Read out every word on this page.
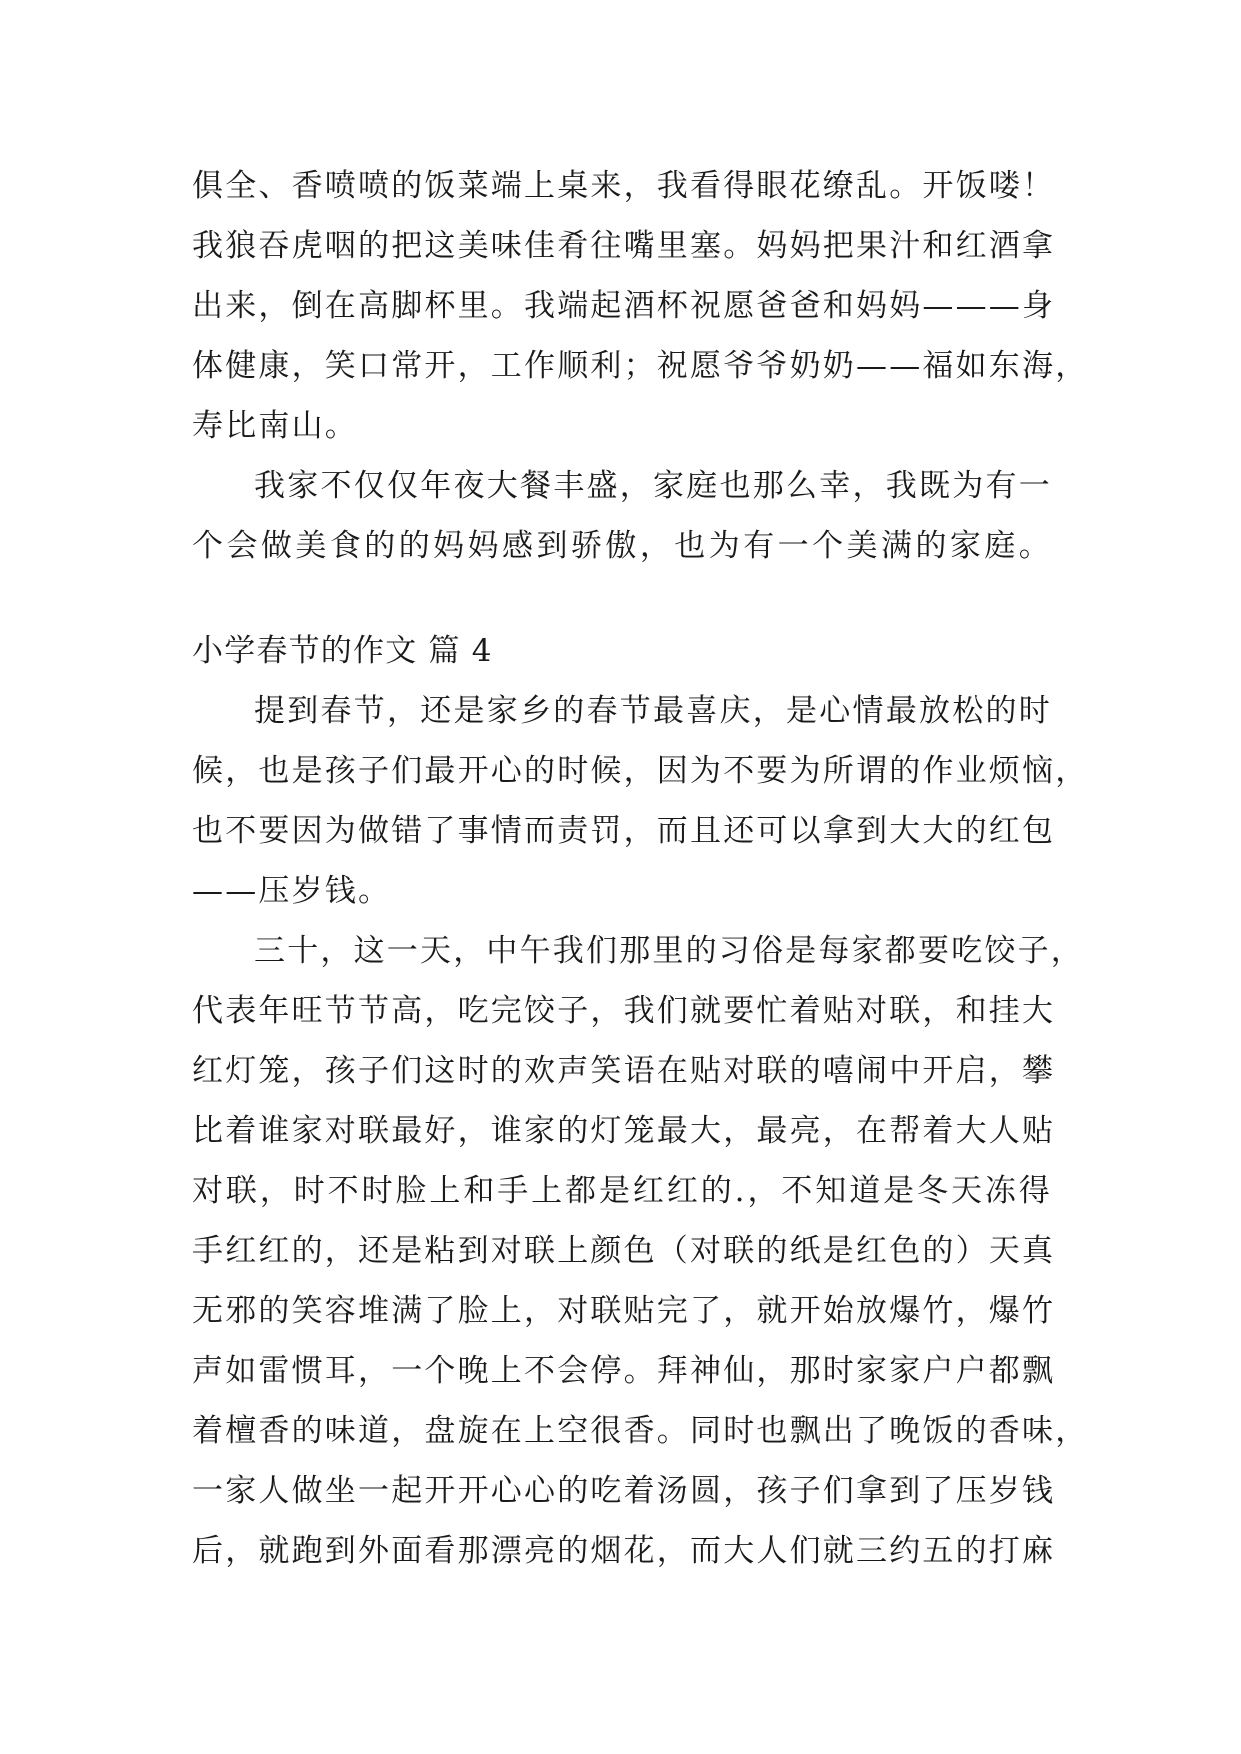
俱全、香喷喷的饭菜端上桌来，我看得眼花缭乱。开饭喽！
我狼吞虎咽的把这美味佳肴往嘴里塞。妈妈把果汁和红酒拿
出来，倒在高脚杯里。我端起酒杯祝愿爸爸和妈妈———身
体健康，笑口常开，工作顺利；祝愿爷爷奶奶——福如东海，
寿比南山。
我家不仅仅年夜大餐丰盛，家庭也那么幸，我既为有一
个会做美食的的妈妈感到骄傲，也为有一个美满的家庭。
小学春节的作文 篇 4
提到春节，还是家乡的春节最喜庆，是心情最放松的时
候，也是孩子们最开心的时候，因为不要为所谓的作业烦恼，
也不要因为做错了事情而责罚，而且还可以拿到大大的红包
——压岁钱。
三十，这一天，中午我们那里的习俗是每家都要吃饺子，
代表年旺节节高，吃完饺子，我们就要忙着贴对联，和挂大
红灯笼，孩子们这时的欢声笑语在贴对联的嘻闹中开启，攀
比着谁家对联最好，谁家的灯笼最大，最亮，在帮着大人贴
对联，时不时脸上和手上都是红红的.，不知道是冬天冻得
手红红的，还是粘到对联上颜色（对联的纸是红色的）天真
无邪的笑容堆满了脸上，对联贴完了，就开始放爆竹，爆竹
声如雷惯耳，一个晚上不会停。拜神仙，那时家家户户都飘
着檀香的味道，盘旋在上空很香。同时也飘出了晚饭的香味，
一家人做坐一起开开心心的吃着汤圆，孩子们拿到了压岁钱
后，就跑到外面看那漂亮的烟花，而大人们就三约五的打麻
